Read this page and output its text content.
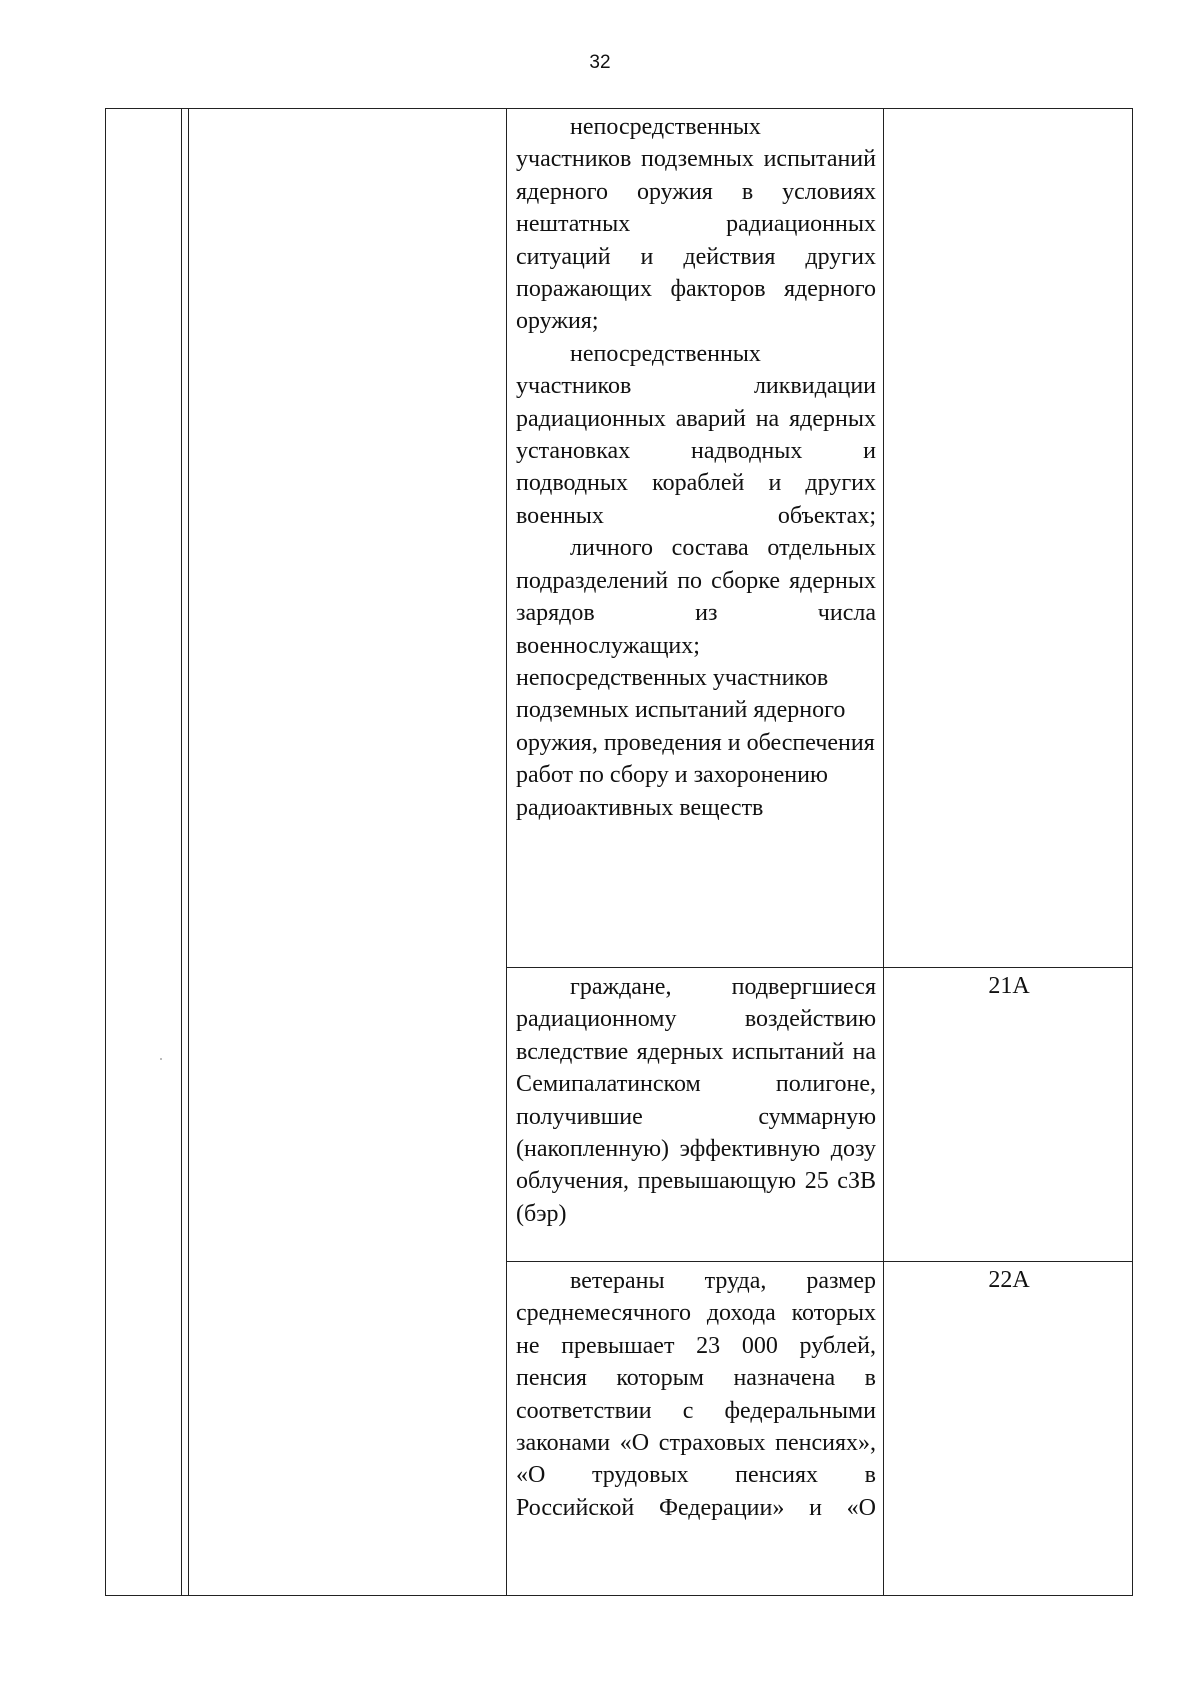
32

непосредственных участников подземных испытаний ядерного оружия в условиях нештатных радиационных ситуаций и действия других поражающих факторов ядерного оружия;

непосредственных участников ликвидации радиационных аварий на ядерных установках надводных и подводных кораблей и других военных объектах;

личного состава отдельных подразделений по сборке ядерных зарядов из числа военнослужащих;

непосредственных участников подземных испытаний ядерного оружия, проведения и обеспечения работ по сбору и захоронению радиоактивных веществ

граждане, подвергшиеся радиационному воздействию вследствие ядерных испытаний на Семипалатинском полигоне, получившие суммарную (накопленную) эффективную дозу облучения, превышающую 25 сЗВ (бэр)

21А

ветераны труда, размер среднемесячного дохода которых не превышает 23 000 рублей, пенсия которым назначена в соответствии с федеральными законами «О страховых пенсиях», «О трудовых пенсиях в Российской Федерации» и «О

22А
